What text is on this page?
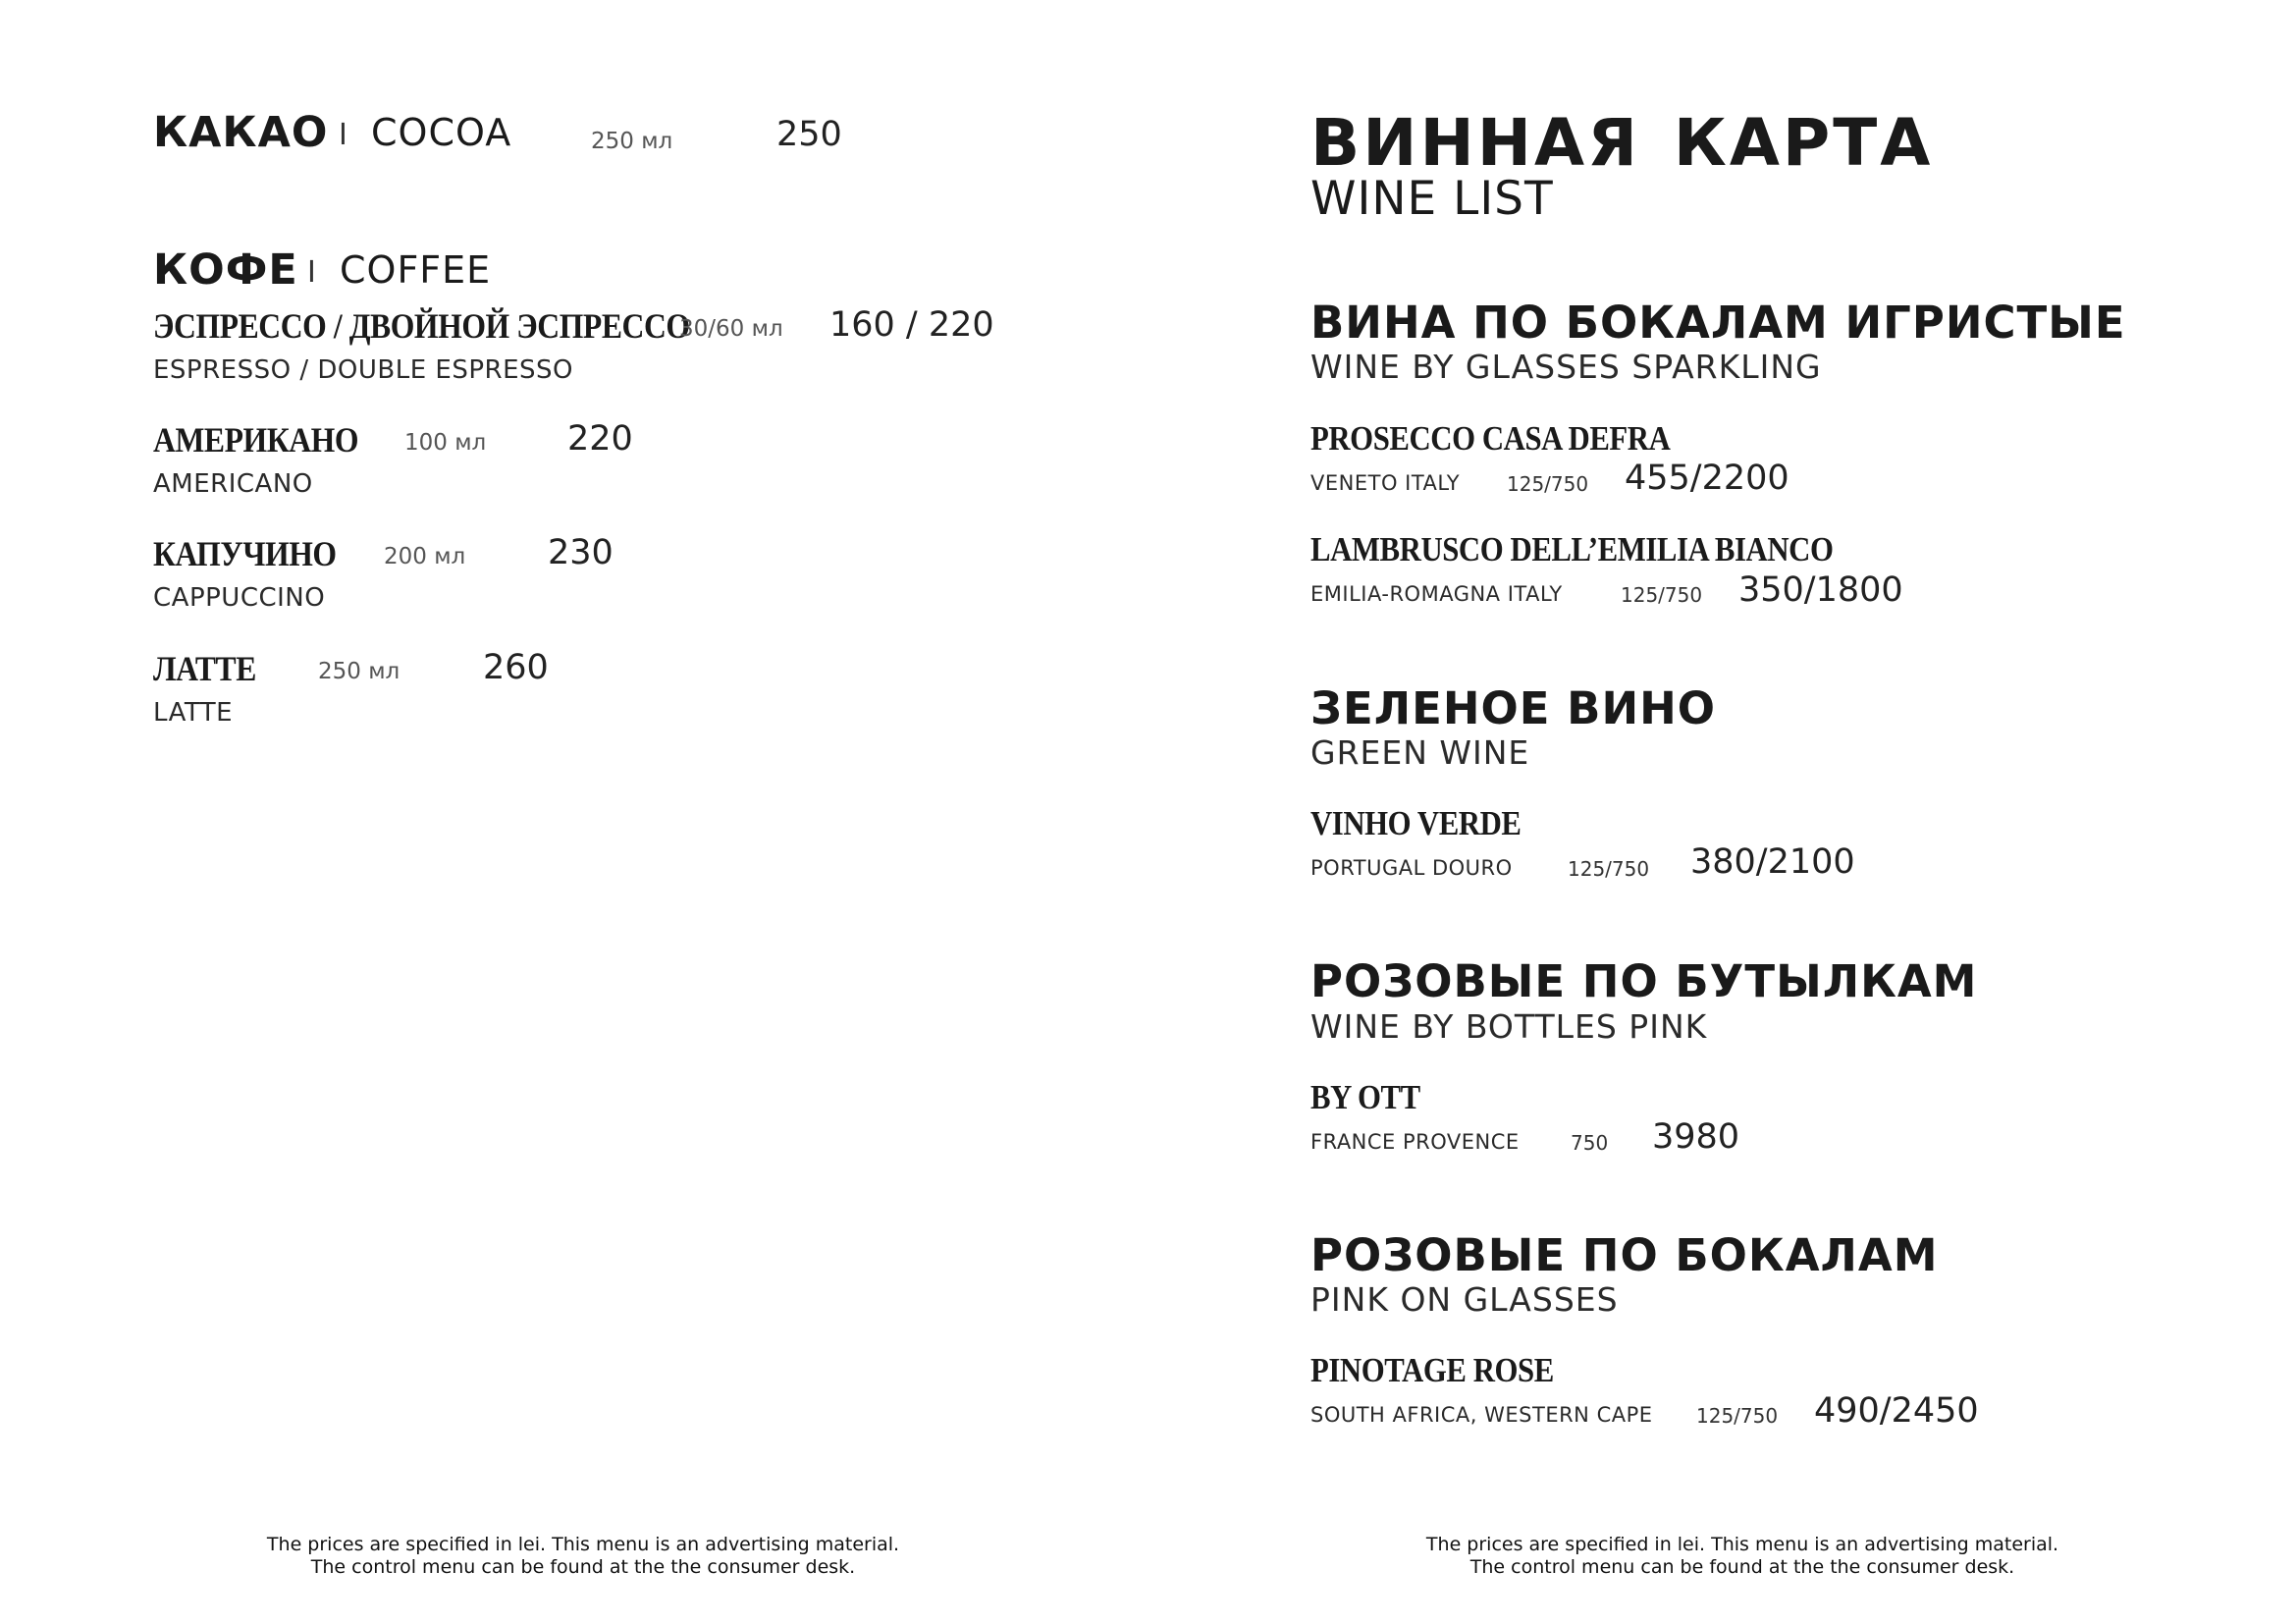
КАКАО I COCOA	250 мл	250
КОФЕ I COFFEE
ЭСПРЕССО / ДВОЙНОЙ ЭСПРЕССО
30/60 мл 160 / 220
ESPRESSO / DOUBLE ESPRESSO
АМЕРИКАНО 100 мл 220
AMERICANO
КАПУЧИНО 200 мл 230
CAPPUCCINO
ЛАТТЕ	250 мл 260
LATTE
The prices are specified in lei. This menu is an advertising material.
The control menu can be found at the the consumer desk.
ВИННАЯ КАРТА
WINE LIST
ВИНА ПО БОКАЛАМ ИГРИСТЫЕ
WINE BY GLASSES SPARKLING
PROSECCO CASA DEFRA
VENETO ITALY 125/750 455/2200
LAMBRUSCO DELL’EMILIA BIANCO
EMILIA-ROMAGNA ITALY	125/750 350/1800
ЗЕЛЕНОЕ ВИНО
GREEN WINE
VINHO VERDE
PORTUGAL DOURO	125/750 380/2100
РОЗОВЫЕ ПО БУТЫЛКАМ
WINE BY BOTTLES PINK
BY OTT
FRANCE PROVENCE	750 3980
РОЗОВЫЕ ПО БОКАЛАМ
PINK ON GLASSES
PINOTAGE ROSE
SOUTH AFRICA, WESTERN CAPE 125/750 490/2450
The prices are specified in lei. This menu is an advertising material.
The control menu can be found at the the consumer desk.
